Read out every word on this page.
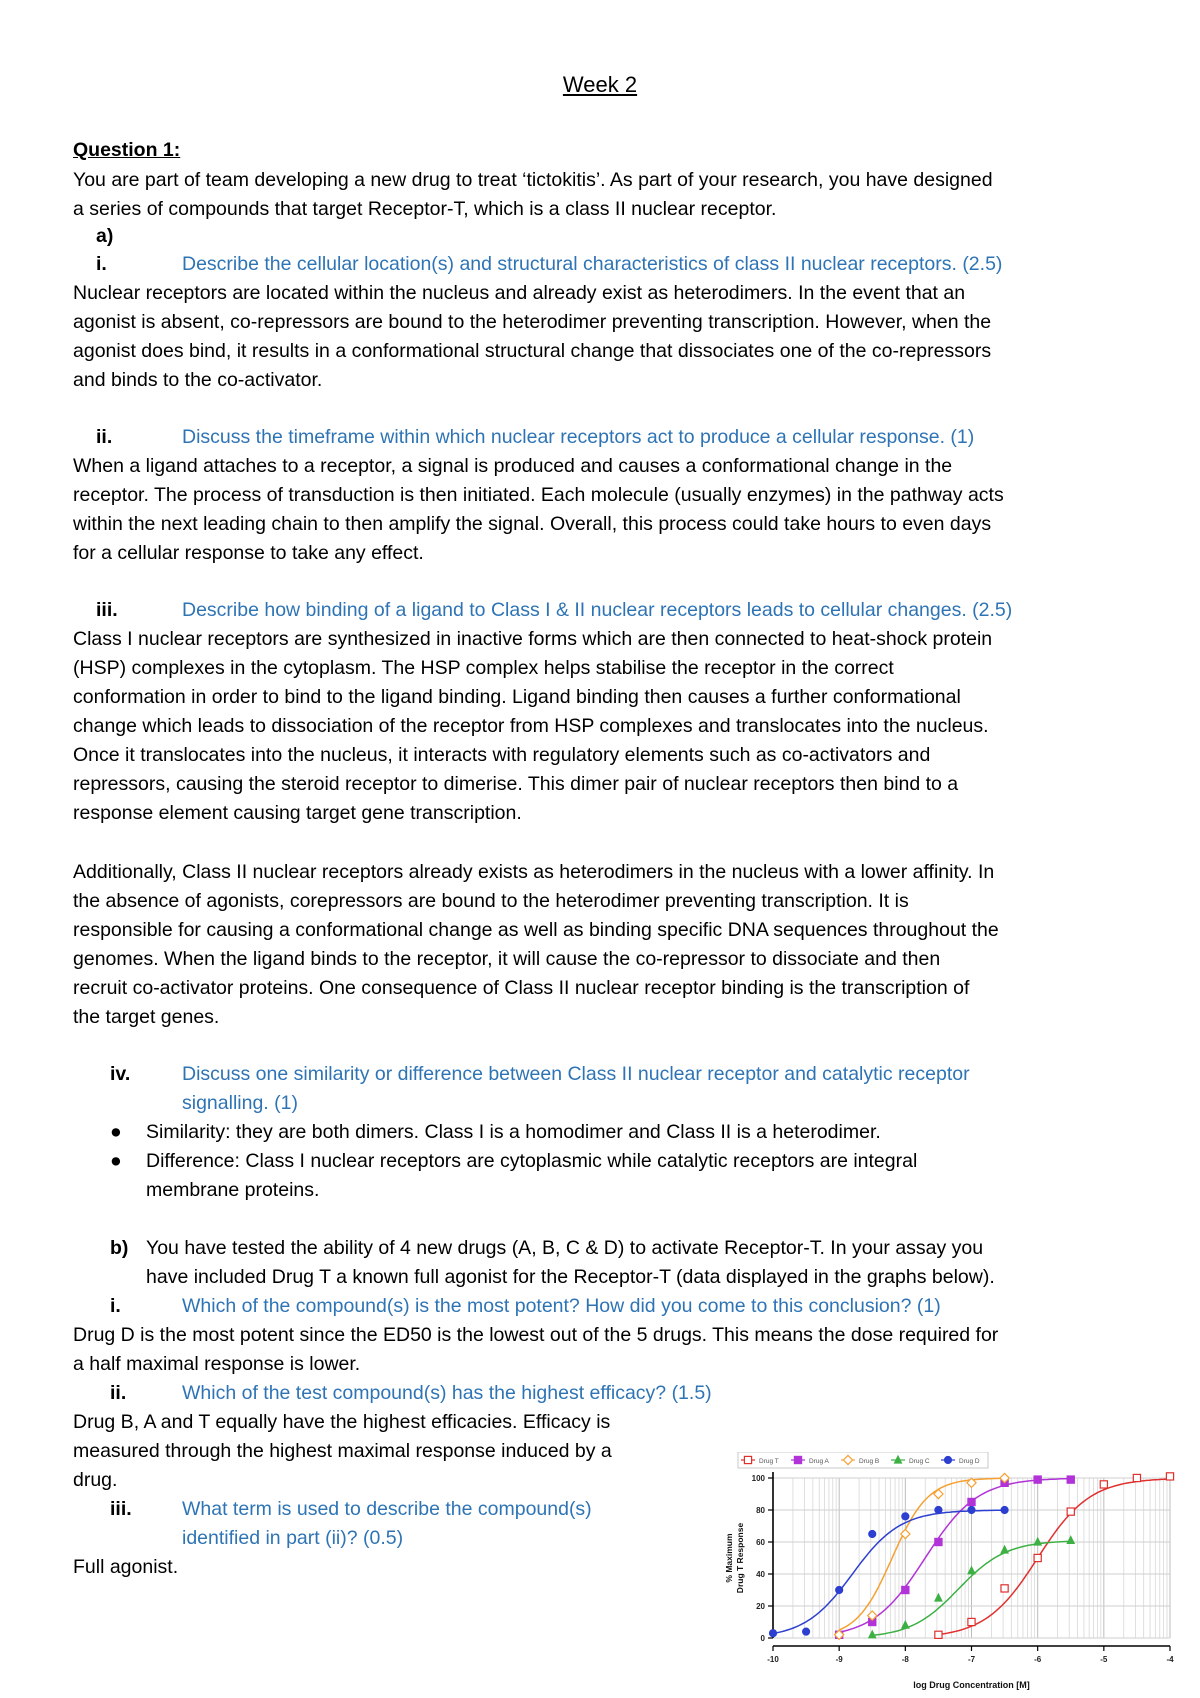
Week 2
Question 1:
You are part of team developing a new drug to treat ‘tictokitis’. As part of your research, you have designed
a series of compounds that target Receptor-T, which is a class II nuclear receptor.
a)
i.	Describe the cellular location(s) and structural characteristics of class II nuclear receptors. (2.5)
Nuclear receptors are located within the nucleus and already exist as heterodimers. In the event that an
agonist is absent, co-repressors are bound to the heterodimer preventing transcription. However, when the
agonist does bind, it results in a conformational structural change that dissociates one of the co-repressors
and binds to the co-activator.
ii.	Discuss the timeframe within which nuclear receptors act to produce a cellular response. (1)
When a ligand attaches to a receptor, a signal is produced and causes a conformational change in the
receptor. The process of transduction is then initiated. Each molecule (usually enzymes) in the pathway acts
within the next leading chain to then amplify the signal. Overall, this process could take hours to even days
for a cellular response to take any effect.
iii.	Describe how binding of a ligand to Class I & II nuclear receptors leads to cellular changes. (2.5)
Class I nuclear receptors are synthesized in inactive forms which are then connected to heat-shock protein
(HSP) complexes in the cytoplasm. The HSP complex helps stabilise the receptor in the correct
conformation in order to bind to the ligand binding. Ligand binding then causes a further conformational
change which leads to dissociation of the receptor from HSP complexes and translocates into the nucleus.
Once it translocates into the nucleus, it interacts with regulatory elements such as co-activators and
repressors, causing the steroid receptor to dimerise. This dimer pair of nuclear receptors then bind to a
response element causing target gene transcription.
Additionally, Class II nuclear receptors already exists as heterodimers in the nucleus with a lower affinity. In
the absence of agonists, corepressors are bound to the heterodimer preventing transcription. It is
responsible for causing a conformational change as well as binding specific DNA sequences throughout the
genomes. When the ligand binds to the receptor, it will cause the co-repressor to dissociate and then
recruit co-activator proteins. One consequence of Class II nuclear receptor binding is the transcription of
the target genes.
iv.	Discuss one similarity or difference between Class II nuclear receptor and catalytic receptor
signalling. (1)
● Similarity: they are both dimers. Class I is a homodimer and Class II is a heterodimer.
● Difference: Class I nuclear receptors are cytoplasmic while catalytic receptors are integral
membrane proteins.
b) You have tested the ability of 4 new drugs (A, B, C & D) to activate Receptor-T. In your assay you
have included Drug T a known full agonist for the Receptor-T (data displayed in the graphs below).
i.	Which of the compound(s) is the most potent? How did you come to this conclusion? (1)
Drug D is the most potent since the ED50 is the lowest out of the 5 drugs. This means the dose required for
a half maximal response is lower.
ii.	Which of the test compound(s) has the highest efficacy? (1.5)
Drug B, A and T equally have the highest efficacies. Efficacy is
measured through the highest maximal response induced by a
drug.
iii.	What term is used to describe the compound(s)
identified in part (ii)? (0.5)
Full agonist.
0
20
40
60
80
100
-10	-9	-8	-7	-6	-5	-4
log Drug Concentration [M]
% Maximum Drug T Response
Drug T	Drug A	Drug B	Drug C	Drug D
